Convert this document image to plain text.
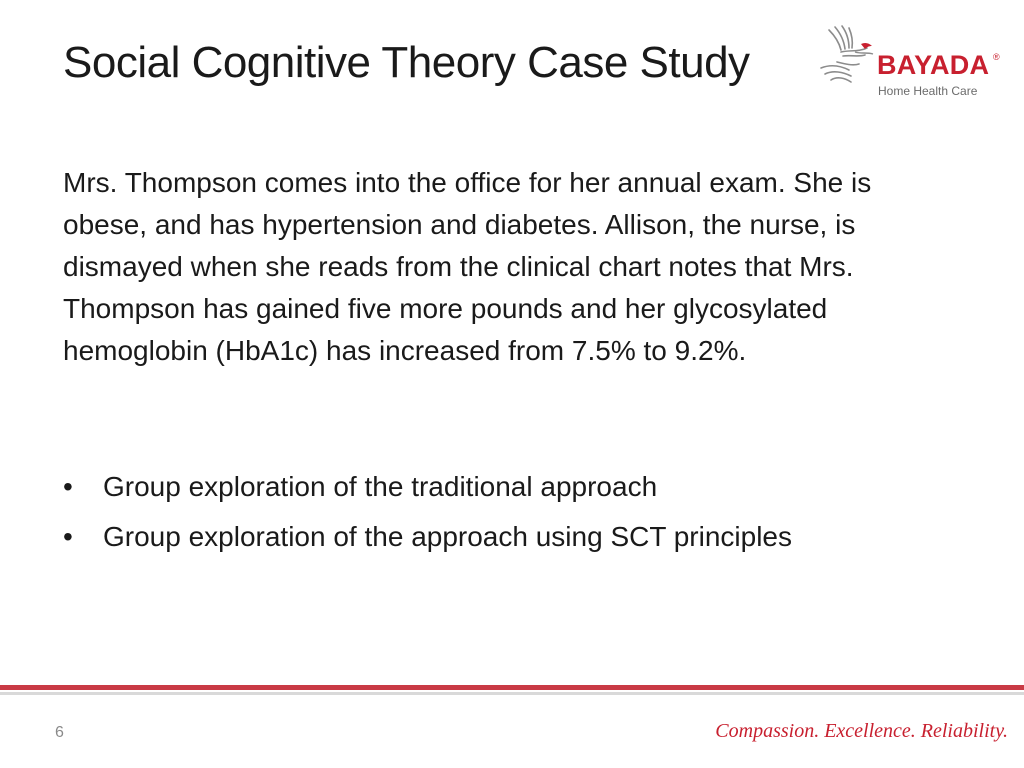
Social Cognitive Theory Case Study	BAYADA ®
Home Health Care
Mrs. Thompson comes into the office for her annual exam. She is obese, and has hypertension and diabetes. Allison, the nurse, is dismayed when she reads from the clinical chart notes that Mrs. Thompson has gained five more pounds and her glycosylated hemoglobin (HbA1c) has increased from 7.5% to 9.2%.
• Group exploration of the traditional approach
• Group exploration of the approach using SCT principles
6	Compassion. Excellence. Reliability.
